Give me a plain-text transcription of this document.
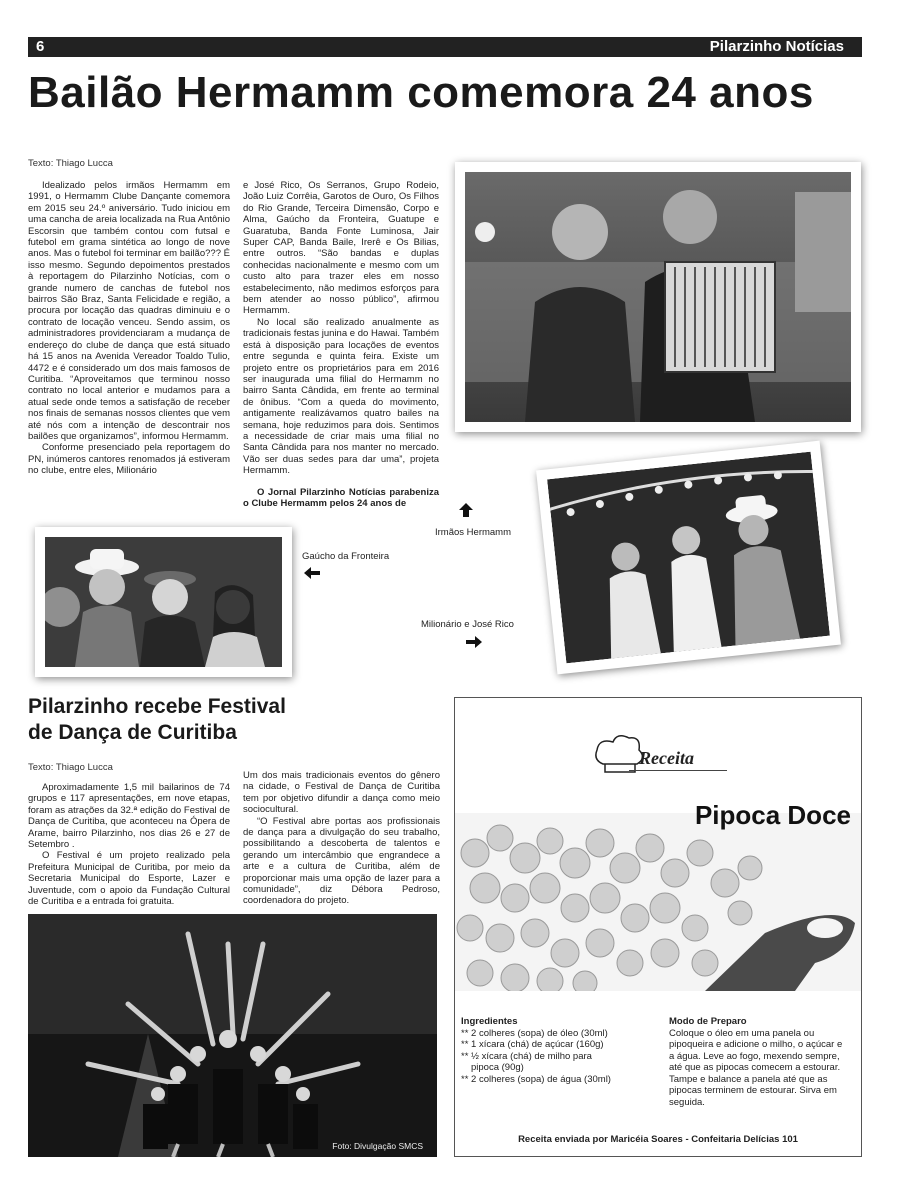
6	Pilarzinho Notícias
Bailão Hermamm comemora 24 anos
Texto: Thiago Lucca

Idealizado pelos irmãos Hermamm em 1991, o Hermamm Clube Dançante comemora em 2015 seu 24.º aniversário. Tudo iniciou em uma cancha de areia localizada na Rua Antônio Escorsin que também contou com futsal e futebol em grama sintética ao longo de nove anos. Mas o futebol foi terminar em bailão??? É isso mesmo. Segundo depoimentos prestados à reportagem do Pilarzinho Notícias, com o grande numero de canchas de futebol nos bairros São Braz, Santa Felicidade e região, a procura por locação das quadras diminuiu e o contrato de locação venceu. Sendo assim, os administradores providenciaram a mudança de endereço do clube de dança que está situado há 15 anos na Avenida Vereador Toaldo Tulio, 4472 e é considerado um dos mais famosos de Curitiba. “Aproveitamos que terminou nosso contrato no local anterior e mudamos para a atual sede onde temos a satisfação de receber nos finais de semanas nossos clientes que vem até nós com a intenção de descontrair nos bailões que organizamos”, informou Hermamm.

Conforme presenciado pela reportagem do PN, inúmeros cantores renomados já estiveram no clube, entre eles, Milionário

e José Rico, Os Serranos, Grupo Rodeio, João Luiz Corrêia, Garotos de Ouro, Os Filhos do Rio Grande, Terceira Dimensão, Corpo e Alma, Gaúcho da Fronteira, Guatupe e Guaratuba, Banda Fonte Luminosa, Jair Super CAP, Banda Baile, Irerê e Os Bilias, entre outros. “São bandas e duplas conhecidas nacionalmente e mesmo com um custo alto para trazer eles em nosso estabelecimento, não medimos esforços para bem atender ao nosso público”, afirmou Hermamm.

No local são realizado anualmente as tradicionais festas junina e do Hawai. Também está à disposição para locações de eventos entre segunda e quinta feira. Existe um projeto entre os proprietários para em 2016 ser inaugurada uma filial do Hermamm no bairro Santa Cândida, em frente ao terminal de ônibus. “Com a queda do movimento, antigamente realizávamos quatro bailes na semana, hoje reduzimos para dois. Sentimos a necessidade de criar mais uma filial no Santa Cândida para nos manter no mercado. Vão ser duas sedes para dar uma”, projeta Hermamm.

O Jornal Pilarzinho Notícias parabeniza o Clube Hermamm pelos 24 anos de

Irmãos Hermamm
Gaúcho da Fronteira
Milionário e José Rico
Pilarzinho recebe Festival
de Dança de Curitiba
Texto: Thiago Lucca

Aproximadamente 1,5 mil bailarinos de 74 grupos e 117 apresentações, em nove etapas, foram as atrações da 32.ª edição do Festival de Dança de Curitiba, que aconteceu na Ópera de Arame, bairro Pilarzinho, nos dias 26 e 27 de Setembro .

O Festival é um projeto realizado pela Prefeitura Municipal de Curitiba, por meio da Secretaria Municipal do Esporte, Lazer e Juventude, com o apoio da Fundação Cultural de Curitiba e a entrada foi gratuita.

Um dos mais tradicionais eventos do gênero na cidade, o Festival de Dança de Curitiba tem por objetivo difundir a dança como meio sociocultural.

“O Festival abre portas aos profissionais de dança para a divulgação do seu trabalho, possibilitando a descoberta de talentos e gerando um intercâmbio que engrandece a arte e a cultura de Curitiba, além de proporcionar mais uma opção de lazer para a comunidade”, diz Débora Pedroso, coordenadora do projeto.

Foto: Divulgação SMCS
Receita
Pipoca Doce
Ingredientes
** 2 colheres (sopa) de óleo (30ml)
** 1 xícara (chá) de açúcar (160g)
** ½ xícara (chá) de milho para
pipoca (90g)
** 2 colheres (sopa) de água (30ml)
Modo de Preparo
Coloque o óleo em uma panela ou pipoqueira e adicione o milho, o açúcar e a água. Leve ao fogo, mexendo sempre, até que as pipocas comecem a estourar. Tampe e balance a panela até que as pipocas terminem de estourar. Sirva em seguida.
Receita enviada por Maricéia Soares - Confeitaria Delícias 101
